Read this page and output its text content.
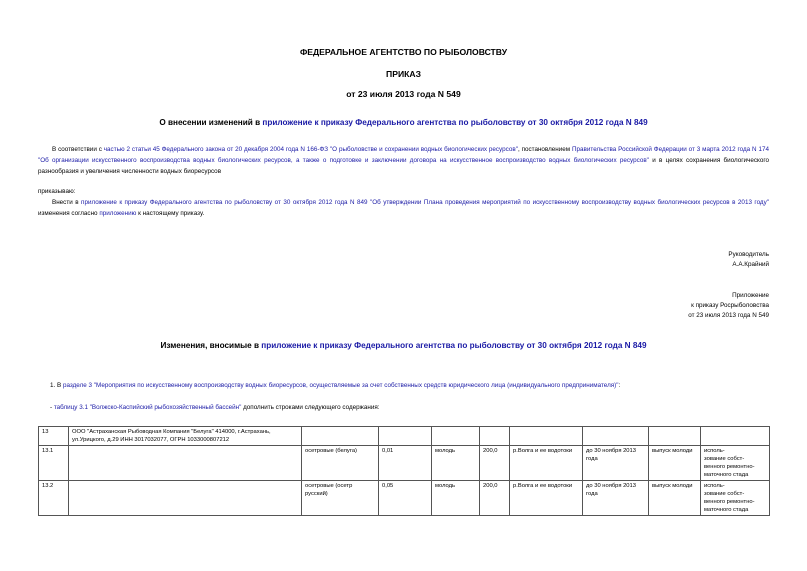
ФЕДЕРАЛЬНОЕ АГЕНТСТВО ПО РЫБОЛОВСТВУ
ПРИКАЗ
от 23 июля 2013 года N 549
О внесении изменений в приложение к приказу Федерального агентства по рыболовству от 30 октября 2012 года N 849
В соответствии с частью 2 статьи 45 Федерального закона от 20 декабря 2004 года N 166-ФЗ "О рыболовстве и сохранении водных биологических ресурсов", постановлением Правительства Российской Федерации от 3 марта 2012 года N 174 "Об организации искусственного воспроизводства водных биологических ресурсов, а также о подготовке и заключении договора на искусственное воспроизводство водных биологических ресурсов" и в целях сохранения биологического разнообразия и увеличения численности водных биоресурсов
приказываю:
Внести в приложение к приказу Федерального агентства по рыболовству от 30 октября 2012 года N 849 "Об утверждении Плана проведения мероприятий по искусственному воспроизводству водных биологических ресурсов в 2013 году" изменения согласно приложению к настоящему приказу.
Руководитель
А.А.Крайний
Приложение
к приказу Росрыболовства
от 23 июля 2013 года N 549
Изменения, вносимые в приложение к приказу Федерального агентства по рыболовству от 30 октября 2012 года N 849
1. В разделе 3 "Мероприятия по искусственному воспроизводству водных биоресурсов, осуществляемые за счет собственных средств юридического лица (индивидуального предпринимателя)":
- таблицу 3.1 "Волжско-Каспийский рыбохозяйственный бассейн" дополнить строками следующего содержания:
13	ООО "Астраханская Рыбоводная Компания "Белуга" 414000, г.Астрахань, ул.Урицкого, д.29 ИНН 3017032077, ОГРН 1033000807212								
13.1		осетровые (белуга)	0,01	молодь	200,0	р.Волга и ее водотоки	до 30 ноября 2013 года	выпуск молоди	исполь-
зование собст-
венного ремонтно-
маточного стада
13.2		осетровые (осетр русский)	0,05	молодь	200,0	р.Волга и ее водотоки	до 30 ноября 2013 года	выпуск молоди	исполь-
зование собст-
венного ремонтно-
маточного стада
